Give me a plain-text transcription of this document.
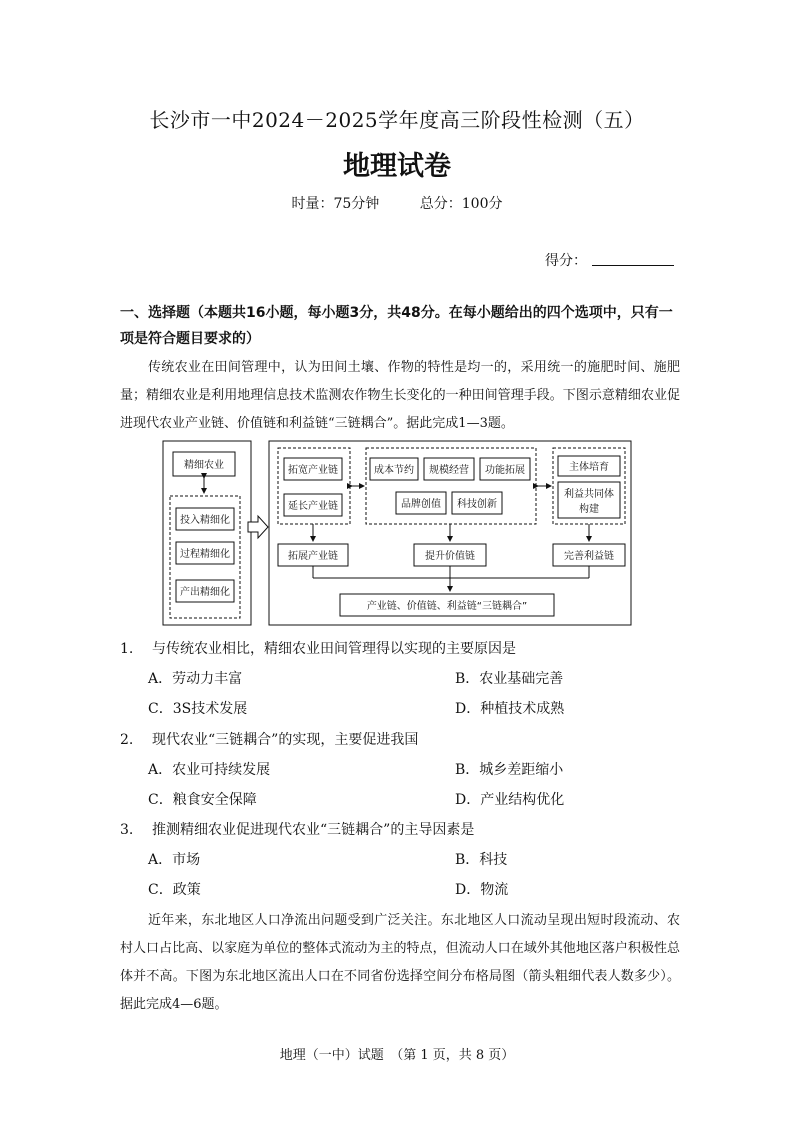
长沙市一中2024－2025学年度高三阶段性检测（五）
地理试卷
时量：75分钟	总分：100分
得分：
一、选择题（本题共16小题，每小题3分，共48分。在每小题给出的四个选项中，只有一项是符合题目要求的）
传统农业在田间管理中，认为田间土壤、作物的特性是均一的，采用统一的施肥时间、施肥量；精细农业是利用地理信息技术监测农作物生长变化的一种田间管理手段。下图示意精细农业促进现代农业产业链、价值链和利益链“三链耦合”。据此完成1—3题。
精细农业
投入精细化
过程精细化
产出精细化
拓宽产业链
延长产业链
成本节约 规模经营 功能拓展
品牌创值 科技创新
主体培育
利益共同体
构建
拓展产业链	提升价值链	完善利益链
产业链、价值链、利益链“三链耦合”
1. 与传统农业相比，精细农业田间管理得以实现的主要原因是
A．劳动力丰富	B．农业基础完善
C．3S技术发展	D．种植技术成熟
2. 现代农业“三链耦合”的实现，主要促进我国
A．农业可持续发展	B．城乡差距缩小
C．粮食安全保障	D．产业结构优化
3. 推测精细农业促进现代农业“三链耦合”的主导因素是
A．市场	B．科技
C．政策	D．物流
近年来，东北地区人口净流出问题受到广泛关注。东北地区人口流动呈现出短时段流动、农村人口占比高、以家庭为单位的整体式流动为主的特点，但流动人口在域外其他地区落户积极性总体并不高。下图为东北地区流出人口在不同省份选择空间分布格局图（箭头粗细代表人数多少）。据此完成4—6题。
地理（一中）试题　（第 1 页，共 8 页）
